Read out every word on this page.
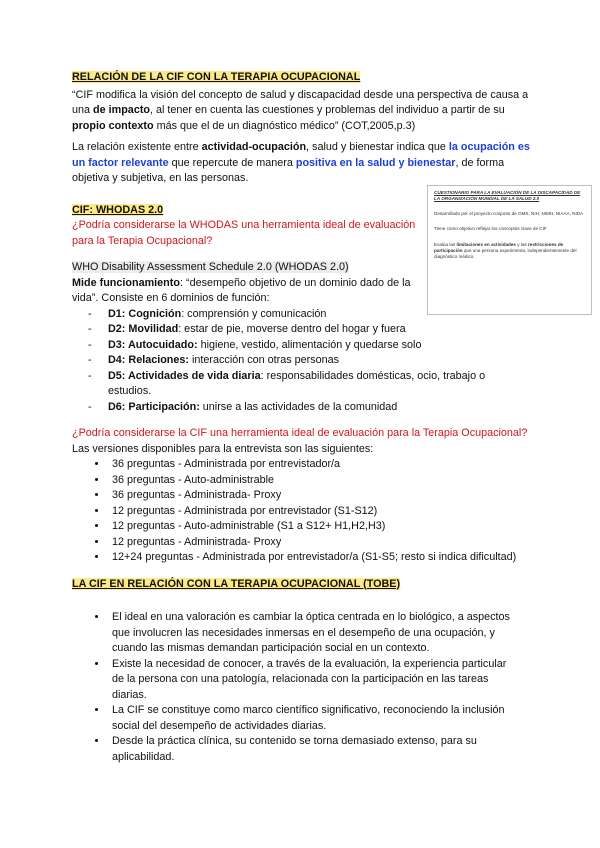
RELACIÓN DE LA CIF CON LA TERAPIA OCUPACIONAL

“CIF modifica la visión del concepto de salud y discapacidad desde una perspectiva de causa a una de impacto, al tener en cuenta las cuestiones y problemas del individuo a partir de su propio contexto más que el de un diagnóstico médico” (COT,2005,p.3)

La relación existente entre actividad-ocupación, salud y bienestar indica que la ocupación es un factor relevante que repercute de manera positiva en la salud y bienestar, de forma objetiva y subjetiva, en las personas.

CIF: WHODAS 2.0

¿Podría considerarse la WHODAS una herramienta ideal de evaluación para la Terapia Ocupacional?

WHO Disability Assessment Schedule 2.0 (WHODAS 2.0)

Mide funcionamiento: “desempeño objetivo de un dominio dado de la vida”. Consiste en 6 dominios de función:

- D1: Cognición: comprensión y comunicación
- D2: Movilidad: estar de pie, moverse dentro del hogar y fuera
- D3: Autocuidado: higiene, vestido, alimentación y quedarse solo
- D4: Relaciones: interacción con otras personas
- D5: Actividades de vida diaria: responsabilidades domésticas, ocio, trabajo o estudios.
- D6: Participación: unirse a las actividades de la comunidad

¿Podría considerarse la CIF una herramienta ideal de evaluación para la Terapia Ocupacional?

Las versiones disponibles para la entrevista son las siguientes:

• 36 preguntas - Administrada por entrevistador/a
• 36 preguntas - Auto-administrable
• 36 preguntas - Administrada- Proxy
• 12 preguntas - Administrada por entrevistador (S1-S12)
• 12 preguntas - Auto-administrable (S1 a S12+ H1,H2,H3)
• 12 preguntas - Administrada- Proxy
• 12+24 preguntas - Administrada por entrevistador/a (S1-S5; resto si indica dificultad)

LA CIF EN RELACIÓN CON LA TERAPIA OCUPACIONAL (TOBE)

• El ideal en una valoración es cambiar la óptica centrada en lo biológico, a aspectos que involucren las necesidades inmersas en el desempeño de una ocupación, y cuando las mismas demandan participación social en un contexto.
• Existe la necesidad de conocer, a través de la evaluación, la experiencia particular de la persona con una patología, relacionada con la participación en las tareas diarias.
• La CIF se constituye como marco científico significativo, reconociendo la inclusión social del desempeño de actividades diarias.
• Desde la práctica clínica, su contenido se torna demasiado extenso, para su aplicabilidad.

CUESTIONARIO PARA LA EVALUACIÓN DE LA DISCAPACIDAD DE LA ORGANIZACIÓN MUNDIAL DE LA SALUD 2.0

Desarrollado por el proyecto conjunto de OMS, NIH, NIMH, NIAAA, NIDA

Tiene como objetivo reflejar los conceptos clave de CIF

Evalúa las limitaciones en actividades y las restricciones de participación que una persona experimenta, independientemente del diagnóstico médico.
